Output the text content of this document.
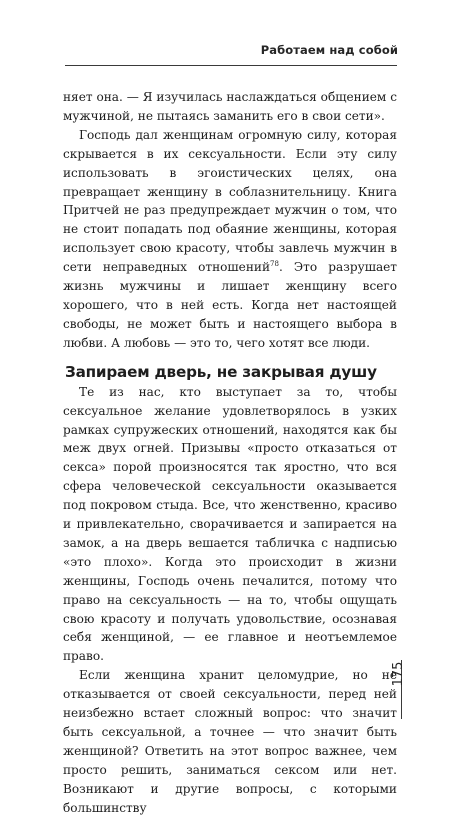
Работаем над собой

няет она. — Я изучилась наслаждаться общением с мужчиной, не пытаясь заманить его в свои сети».

Господь дал женщинам огромную силу, которая скрывается в их сексуальности. Если эту силу использовать в эгоистических целях, она превращает женщину в соблазнительницу. Книга Притчей не раз предупреждает мужчин о том, что не стоит попадать под обаяние женщины, которая использует свою красоту, чтобы завлечь мужчин в сети неправедных отношений$^{78}$. Это разрушает жизнь мужчины и лишает женщину всего хорошего, что в ней есть. Когда нет настоящей свободы, не может быть и настоящего выбора в любви. А любовь — это то, чего хотят все люди.

Запираем дверь, не закрывая душу

Те из нас, кто выступает за то, чтобы сексуальное желание удовлетворялось в узких рамках супружеских отношений, находятся как бы меж двух огней. Призывы «просто отказаться от секса» порой произносятся так яростно, что вся сфера человеческой сексуальности оказывается под покровом стыда. Все, что женственно, красиво и привлекательно, сворачивается и запирается на замок, а на дверь вешается табличка с надписью «это плохо». Когда это происходит в жизни женщины, Господь очень печалится, потому что право на сексуальность — на то, чтобы ощущать свою красоту и получать удовольствие, осознавая себя женщиной, — ее главное и неотъемлемое право.

Если женщина хранит целомудрие, но не отказывается от своей сексуальности, перед ней неизбежно встает сложный вопрос: что значит быть сексуальной, а точнее — что значит быть женщиной? Ответить на этот вопрос важнее, чем просто решить, заниматься сексом или нет. Возникают и другие вопросы, с которыми большинству

175
